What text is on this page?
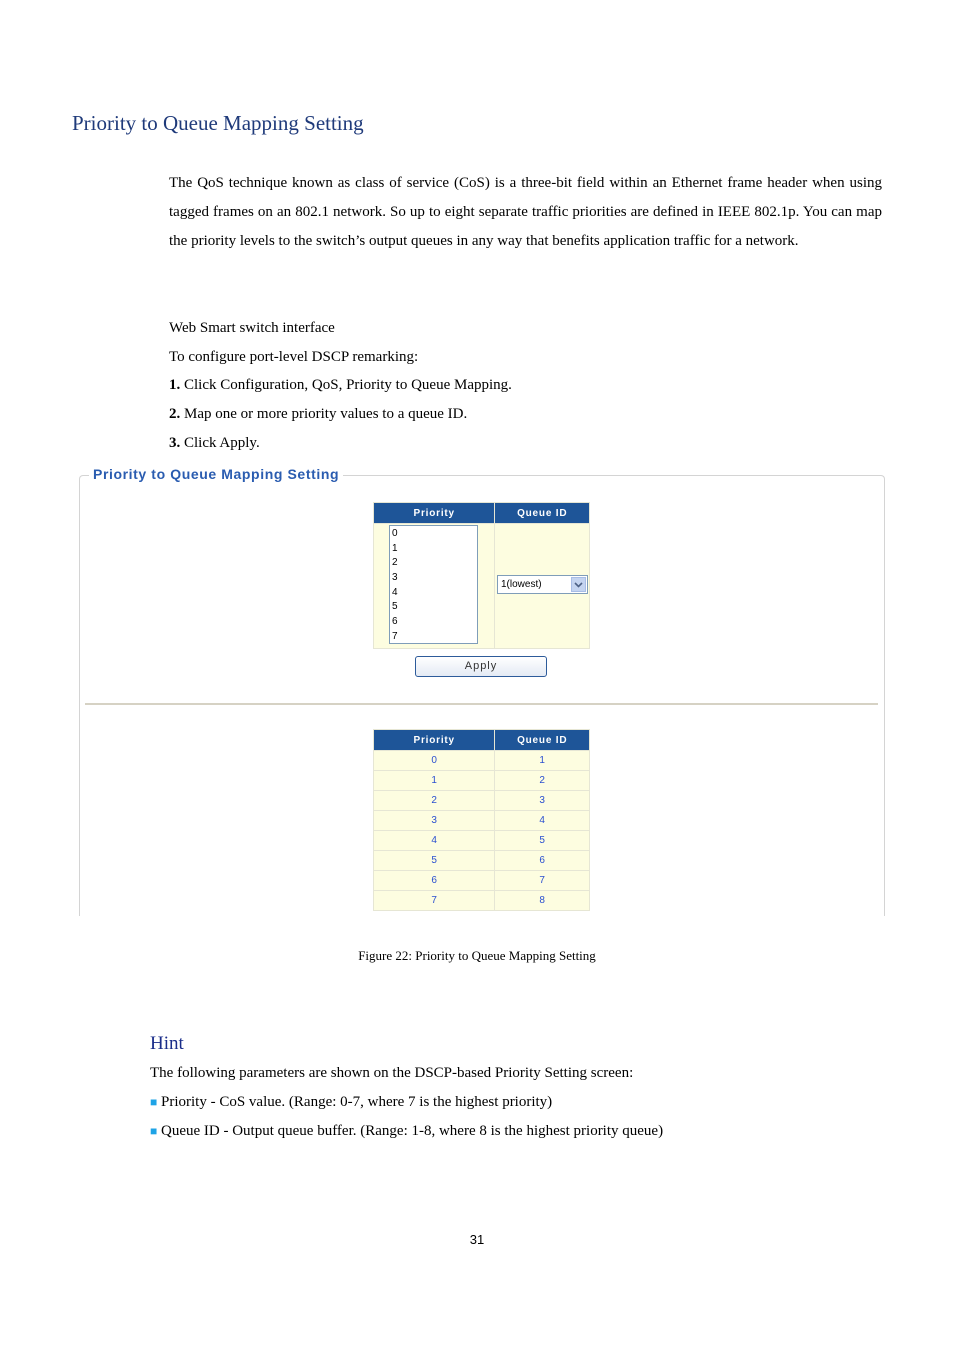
Priority to Queue Mapping Setting
The QoS technique known as class of service (CoS) is a three-bit field within an Ethernet frame header when using tagged frames on an 802.1 network. So up to eight separate traffic priorities are defined in IEEE 802.1p. You can map the priority levels to the switch’s output queues in any way that benefits application traffic for a network.
Web Smart switch interface
To configure port-level DSCP remarking:
1. Click Configuration, QoS, Priority to Queue Mapping.
2. Map one or more priority values to a queue ID.
3. Click Apply.
Priority to Queue Mapping Setting
Priority	Queue ID

0
1
2
3
4
5
6
7
1(lowest)
Apply
Priority	Queue ID
0	1
1	2
2	3
3	4
4	5
5	6
6	7
7	8
Figure 22: Priority to Queue Mapping Setting
Hint
The following parameters are shown on the DSCP-based Priority Setting screen:
■ Priority - CoS value. (Range: 0-7, where 7 is the highest priority)
■ Queue ID - Output queue buffer. (Range: 1-8, where 8 is the highest priority queue)
31
